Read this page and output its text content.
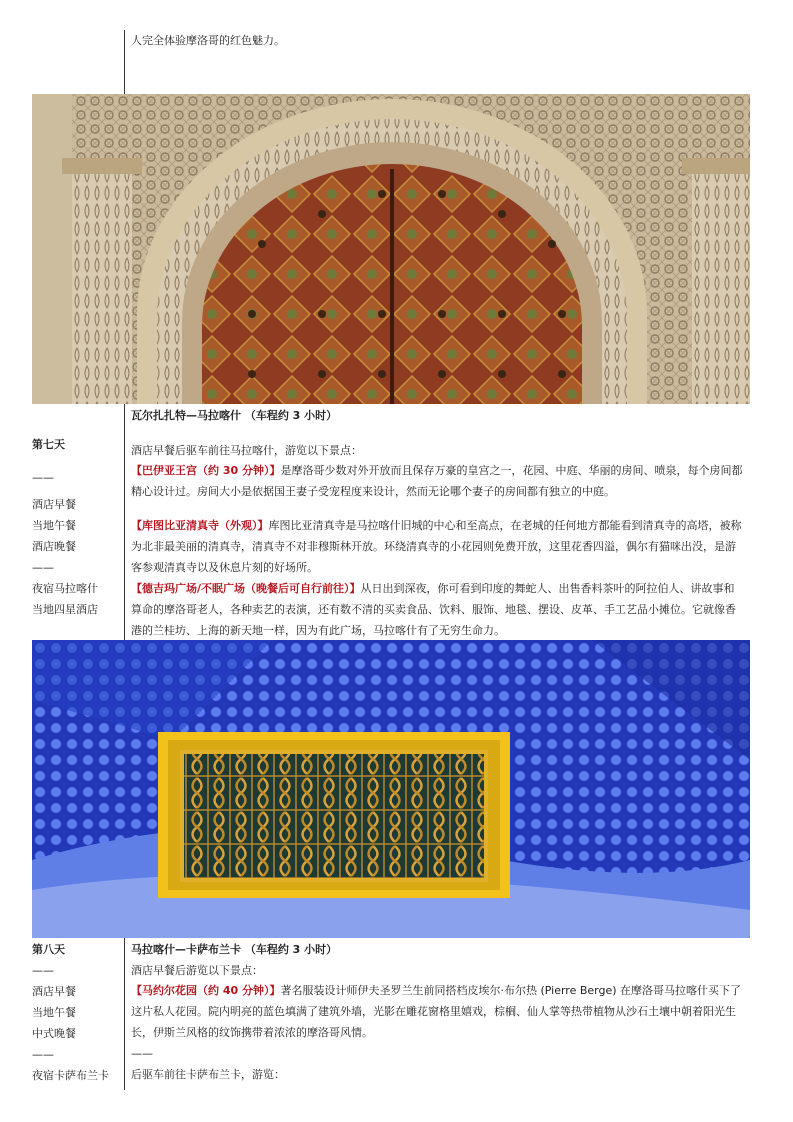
人完全体验摩洛哥的红色魅力。
瓦尔扎扎特—马拉喀什 （车程约 3 小时）
第七天
——
酒店早餐
当地午餐
酒店晚餐
——
夜宿马拉喀什
当地四星酒店
酒店早餐后驱车前往马拉喀什，游览以下景点：
【巴伊亚王宫（约 30 分钟）】是摩洛哥少数对外开放而且保存万豪的皇宫之一，花园、中庭、华丽的房间、喷泉，每个房间都精心设计过。房间大小是依据国王妻子受宠程度来设计，然而无论哪个妻子的房间都有独立的中庭。
【库图比亚清真寺（外观）】库图比亚清真寺是马拉喀什旧城的中心和至高点，在老城的任何地方都能看到清真寺的高塔，被称为北非最美丽的清真寺，清真寺不对非穆斯林开放。环绕清真寺的小花园则免费开放，这里花香四溢，偶尔有猫咪出没，是游客参观清真寺以及休息片刻的好场所。
【德吉玛广场/不眠广场（晚餐后可自行前往）】从日出到深夜，你可看到印度的舞蛇人、出售香料茶叶的阿拉伯人、讲故事和算命的摩洛哥老人，各种卖艺的表演，还有数不清的买卖食品、饮料、服饰、地毯、摆设、皮革、手工艺品小摊位。它就像香港的兰桂坊、上海的新天地一样，因为有此广场，马拉喀什有了无穷生命力。
第八天	马拉喀什—卡萨布兰卡 （车程约 3 小时）
——
酒店早餐
当地午餐
中式晚餐
——
夜宿卡萨布兰卡
酒店早餐后游览以下景点：
【马约尔花园（约 40 分钟）】著名服装设计师伊夫圣罗兰生前同搭档皮埃尔·布尔热 (Pierre Berge) 在摩洛哥马拉喀什买下了这片私人花园。院内明亮的蓝色填满了建筑外墙，光影在雕花窗格里嬉戏，棕榈、仙人掌等热带植物从沙石土壤中朝着阳光生长，伊斯兰风格的纹饰携带着浓浓的摩洛哥风情。
——
后驱车前往卡萨布兰卡，游览：
